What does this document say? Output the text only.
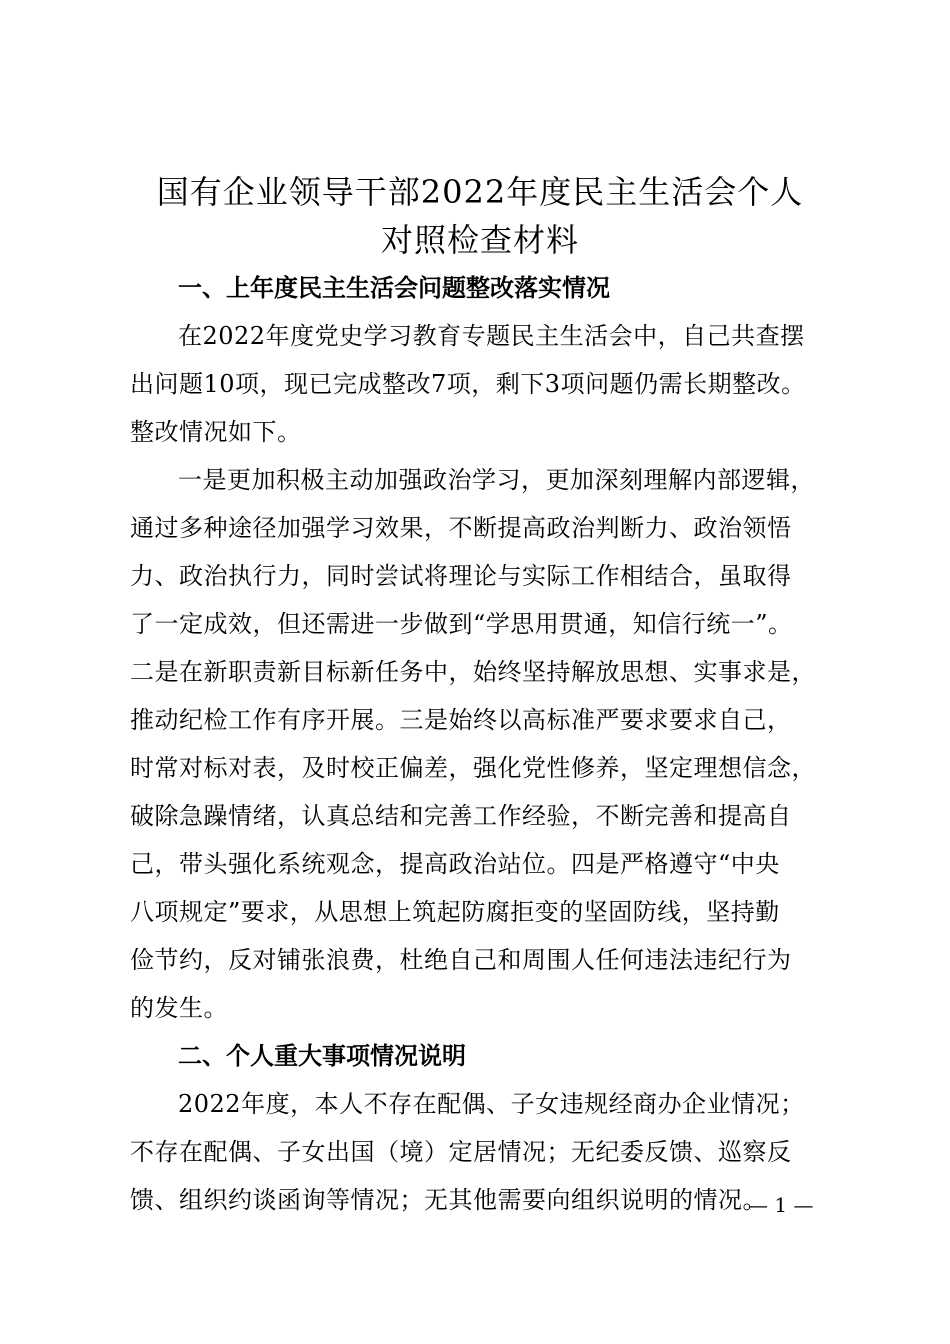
国有企业领导干部2022年度民主生活会个人
对照检查材料
一、上年度民主生活会问题整改落实情况
在2022年度党史学习教育专题民主生活会中，自己共查摆
出问题10项，现已完成整改7项，剩下3项问题仍需长期整改。
整改情况如下。
一是更加积极主动加强政治学习，更加深刻理解内部逻辑，
通过多种途径加强学习效果，不断提高政治判断力、政治领悟
力、政治执行力，同时尝试将理论与实际工作相结合，虽取得
了一定成效，但还需进一步做到“学思用贯通，知信行统一”。
二是在新职责新目标新任务中，始终坚持解放思想、实事求是，
推动纪检工作有序开展。三是始终以高标准严要求要求自己，
时常对标对表，及时校正偏差，强化党性修养，坚定理想信念，
破除急躁情绪，认真总结和完善工作经验，不断完善和提高自
己，带头强化系统观念，提高政治站位。四是严格遵守“中央
八项规定”要求，从思想上筑起防腐拒变的坚固防线，坚持勤
俭节约，反对铺张浪费，杜绝自己和周围人任何违法违纪行为
的发生。
二、个人重大事项情况说明
2022年度，本人不存在配偶、子女违规经商办企业情况；
不存在配偶、子女出国（境）定居情况；无纪委反馈、巡察反
馈、组织约谈函询等情况；无其他需要向组织说明的情况。
— 1 —
